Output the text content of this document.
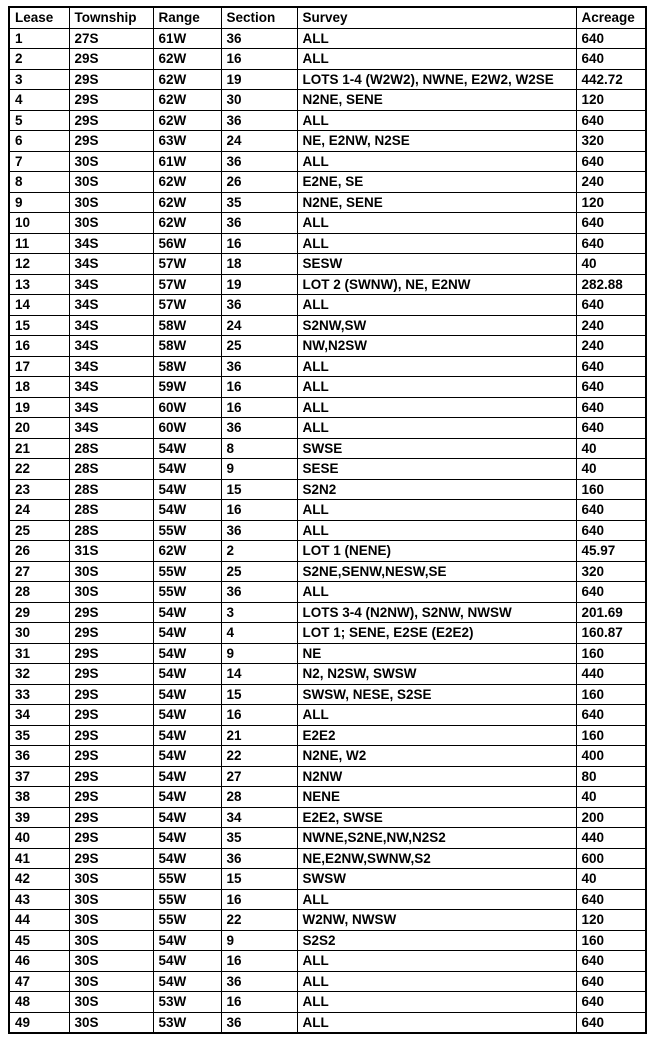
Lease	Township	Range	Section	Survey	Acreage
1	27S	61W	36	ALL	640
2	29S	62W	16	ALL	640
3	29S	62W	19	LOTS 1-4 (W2W2), NWNE, E2W2, W2SE	442.72
4	29S	62W	30	N2NE, SENE	120
5	29S	62W	36	ALL	640
6	29S	63W	24	NE, E2NW, N2SE	320
7	30S	61W	36	ALL	640
8	30S	62W	26	E2NE, SE	240
9	30S	62W	35	N2NE, SENE	120
10	30S	62W	36	ALL	640
11	34S	56W	16	ALL	640
12	34S	57W	18	SESW	40
13	34S	57W	19	LOT 2 (SWNW), NE, E2NW	282.88
14	34S	57W	36	ALL	640
15	34S	58W	24	S2NW,SW	240
16	34S	58W	25	NW,N2SW	240
17	34S	58W	36	ALL	640
18	34S	59W	16	ALL	640
19	34S	60W	16	ALL	640
20	34S	60W	36	ALL	640
21	28S	54W	8	SWSE	40
22	28S	54W	9	SESE	40
23	28S	54W	15	S2N2	160
24	28S	54W	16	ALL	640
25	28S	55W	36	ALL	640
26	31S	62W	2	LOT 1 (NENE)	45.97
27	30S	55W	25	S2NE,SENW,NESW,SE	320
28	30S	55W	36	ALL	640
29	29S	54W	3	LOTS 3-4 (N2NW), S2NW, NWSW	201.69
30	29S	54W	4	LOT 1; SENE, E2SE (E2E2)	160.87
31	29S	54W	9	NE	160
32	29S	54W	14	N2, N2SW, SWSW	440
33	29S	54W	15	SWSW, NESE, S2SE	160
34	29S	54W	16	ALL	640
35	29S	54W	21	E2E2	160
36	29S	54W	22	N2NE, W2	400
37	29S	54W	27	N2NW	80
38	29S	54W	28	NENE	40
39	29S	54W	34	E2E2, SWSE	200
40	29S	54W	35	NWNE,S2NE,NW,N2S2	440
41	29S	54W	36	NE,E2NW,SWNW,S2	600
42	30S	55W	15	SWSW	40
43	30S	55W	16	ALL	640
44	30S	55W	22	W2NW, NWSW	120
45	30S	54W	9	S2S2	160
46	30S	54W	16	ALL	640
47	30S	54W	36	ALL	640
48	30S	53W	16	ALL	640
49	30S	53W	36	ALL	640
